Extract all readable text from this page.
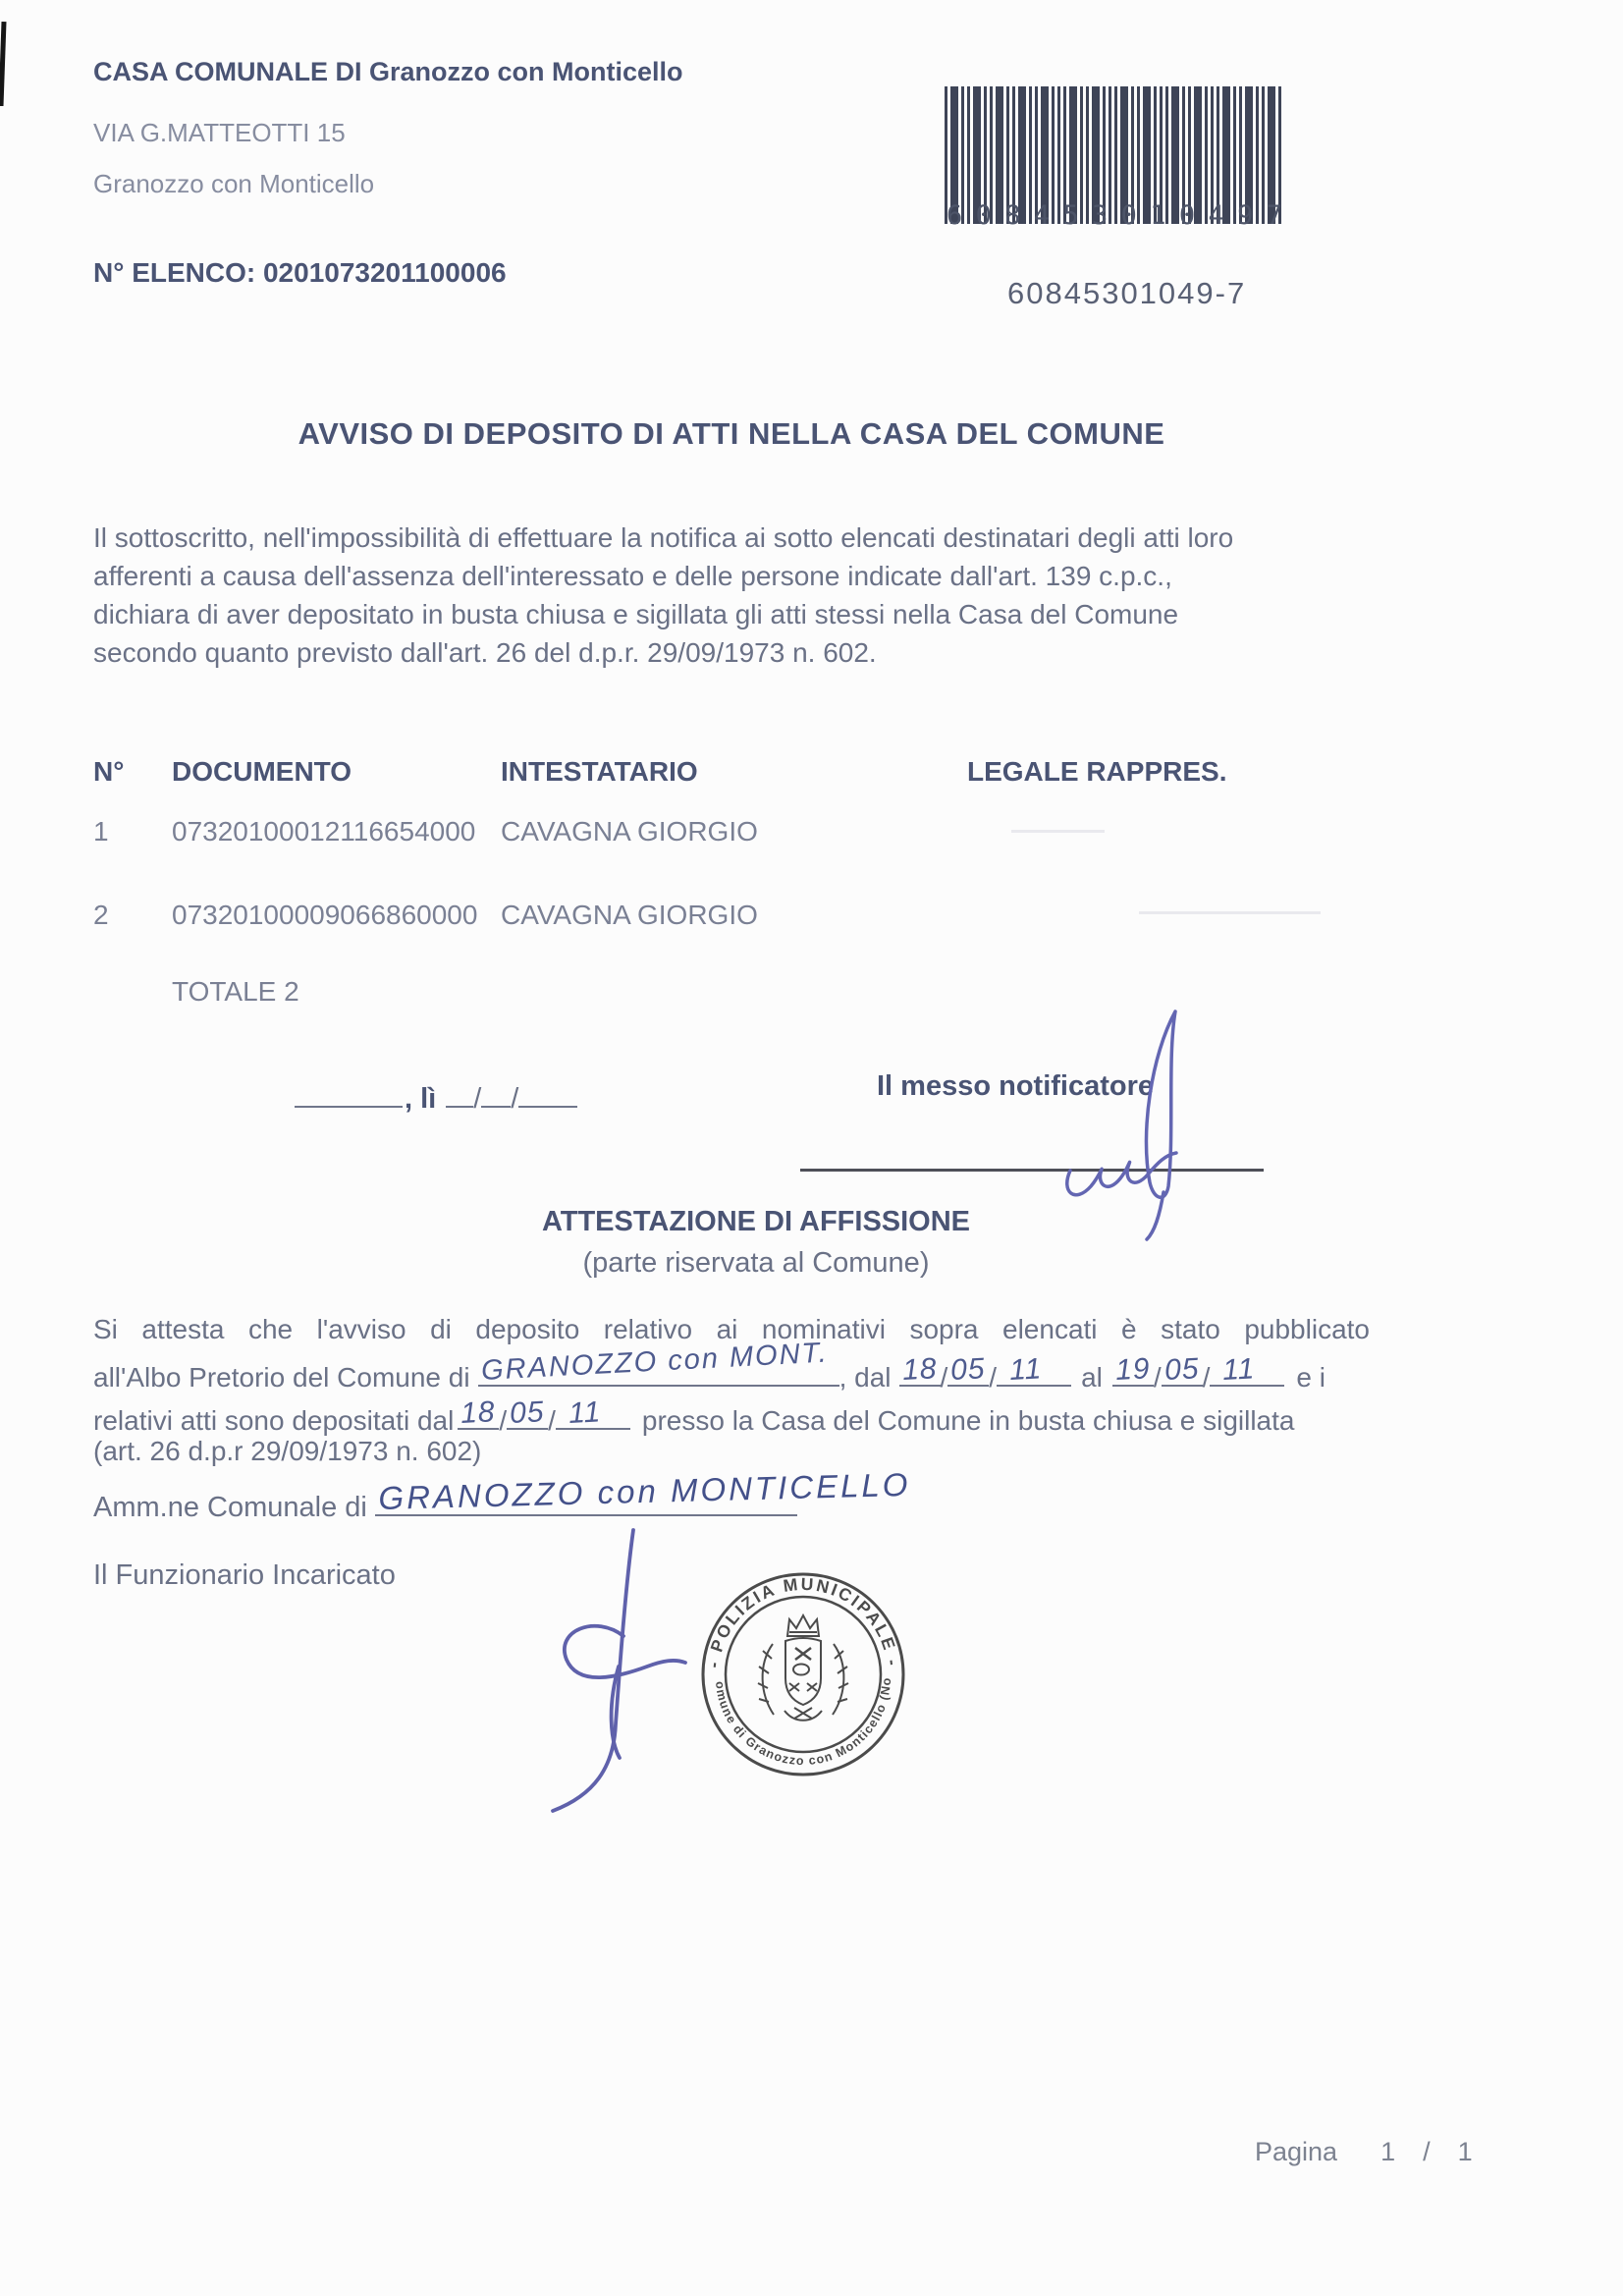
CASA COMUNALE DI Granozzo con Monticello
VIA G.MATTEOTTI 15
Granozzo con Monticello
N° ELENCO: 0201073201100006
6 0 8 4 5 3 0 1 0 4 9 7
60845301049-7
AVVISO DI DEPOSITO DI ATTI NELLA CASA DEL COMUNE
Il sottoscritto, nell'impossibilità di effettuare la notifica ai sotto elencati destinatari degli atti loro
afferenti a causa dell'assenza dell'interessato e delle persone indicate dall'art. 139 c.p.c.,
dichiara di aver depositato in busta chiusa e sigillata gli atti stessi nella Casa del Comune
secondo quanto previsto dall'art. 26 del d.p.r. 29/09/1973 n. 602.
N°	DOCUMENTO	INTESTATARIO	LEGALE RAPPRES.
1	07320100012116654000 CAVAGNA GIORGIO
2	07320100009066860000 CAVAGNA GIORGIO
TOTALE 2
, lì / /	Il messo notificatore
ATTESTAZIONE DI AFFISSIONE
(parte riservata al Comune)
Si attesta che l'avviso di deposito relativo ai nominativi sopra elencati è stato pubblicato
all'Albo Pretorio del Comune di GRANOZZO con MONT. , dal 18 / 05 / 11 al 19 / 05 / 11 e i
relativi atti sono depositati dal 18 / 05 / 11 presso la Casa del Comune in busta chiusa e sigillata
(art. 26 d.p.r 29/09/1973 n. 602)
Amm.ne Comunale di GRANOZZO con MONTICELLO
Il Funzionario Incaricato
- POLIZIA MUNICIPALE -
Comune di Granozzo con Monticello (No)
Pagina 1 / 1
